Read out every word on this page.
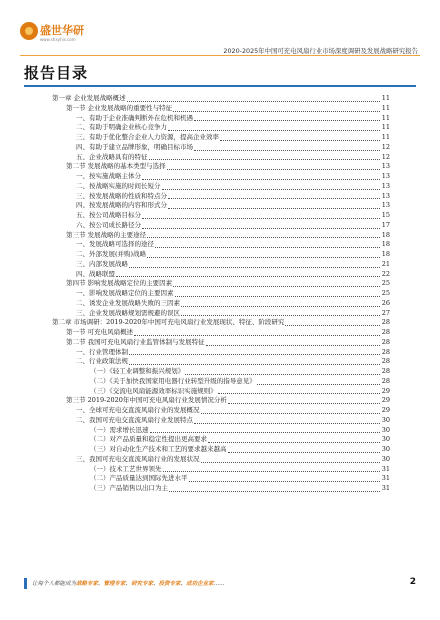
盛世华研
www.shxyhis.com
2020-2025年中国可充电风扇行业市场深度调研及发展战略研究报告
报告目录
第一章 企业发展战略概述	11
第一节 企业发展战略的重要性与特征	11
一、有助于企业准确判断外在危机和机遇	11
二、有助于明确企业核心竞争力	11
三、有助于优化整合企业人力资源，提高企业效率	11
四、有助于建立品牌形象，明确目标市场	12
五、企业战略具有的特征	12
第二节 发展战略的基本类型与选择	13
一、按实施战略主体分	13
二、按战略实施的时间长短分	13
三、按发展战略的性质和特点分	13
四、按发展战略的内容和形式分	13
五、按公司战略目标分	15
六、按公司成长路径分	17
第三节 发展战略的主要途径	18
一、发展战略可选择的途径	18
二、外部发展(并购)战略	18
三、内部发展战略	21
四、战略联盟	22
第四节 影响发展战略定位的主要因素	25
一、影响发展战略定位的主要因素	25
二、诱发企业发展战略失败的三因素	26
三、企业发展战略规划需规避的误区	27
第二章 市场调研：2019-2020年中国可充电风扇行业发展现状、特征、阶段研究	28
第一节 可充电风扇概述	28
第二节 我国可充电风扇行业监管体制与发展特征	28
一、行业管理体制	28
二、行业政策法规	28
（一）《轻工业调整和振兴规划》	28
（二）《关于加快我国家用电器行业转型升级的指导意见》	28
（三）《交流电风扇能源效率标识实施规则》	29
第三节 2019-2020年中国可充电风扇行业发展情况分析	29
一、全球可充电交直流风扇行业的发展概况	29
二、我国可充电交直流风扇行业发展特点	30
（一）需求增长迅速	30
（二）对产品质量和稳定性提出更高要求	30
（三）对自动化生产技术和工艺的要求越来越高	30
三、我国可充电交直流风扇行业的发展状况	30
（一）技术工艺世界领先	31
（二）产品质量达到国际先进水平	31
（三）产品销售以出口为主	31
让每个人都能成为战略专家、管理专家、研究专家、投资专家、成功企业家……	2
